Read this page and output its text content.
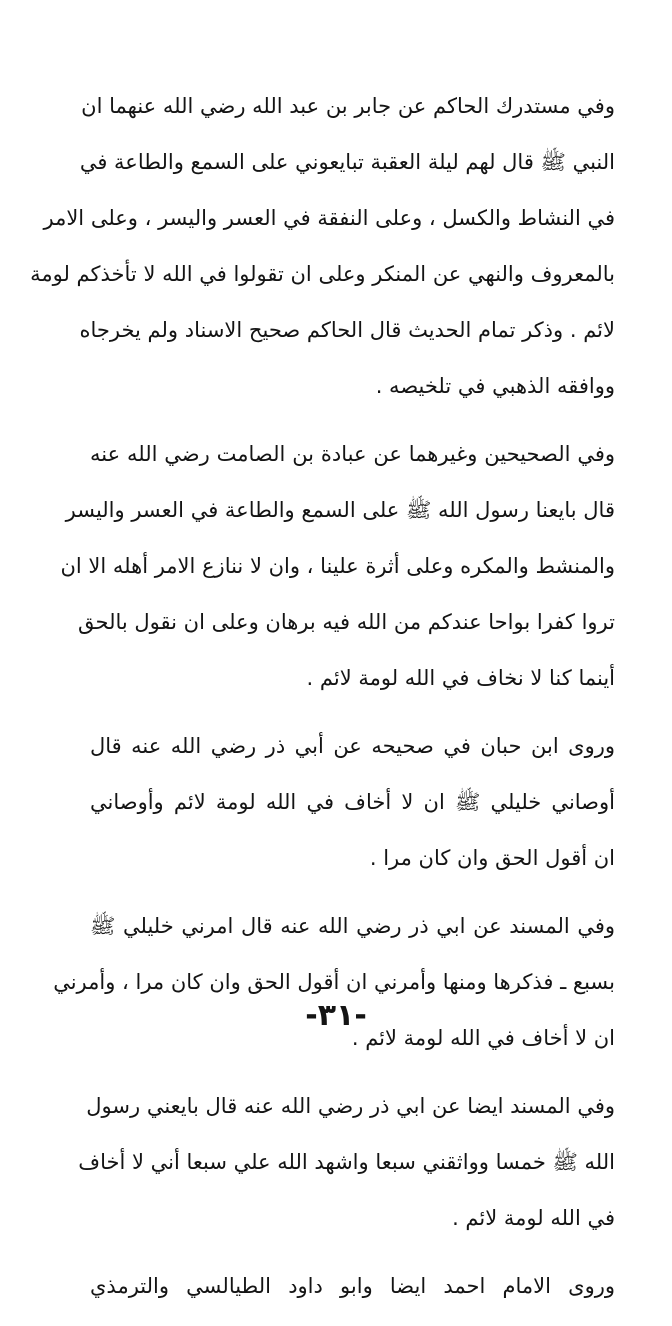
وفي مستدرك الحاكم عن جابر بن عبد الله رضي الله عنهما ان
النبي ﷺ قال لهم ليلة العقبة تبايعوني على السمع والطاعة في
في النشاط والكسل ، وعلى النفقة في العسر واليسر ، وعلى الامر
بالمعروف والنهي عن المنكر وعلى ان تقولوا في الله لا تأخذكم لومة
لائم . وذكر تمام الحديث قال الحاكم صحيح الاسناد ولم يخرجاه
ووافقه الذهبي في تلخيصه .
وفي الصحيحين وغيرهما عن عبادة بن الصامت رضي الله عنه
قال بايعنا رسول الله ﷺ على السمع والطاعة في العسر واليسر
والمنشط والمكره وعلى أثرة علينا ، وان لا ننازع الامر أهله الا ان
تروا كفرا بواحا عندكم من الله فيه برهان وعلى ان نقول بالحق
أينما كنا لا نخاف في الله لومة لائم .
وروى ابن حبان في صحيحه عن أبي ذر رضي الله عنه قال
أوصاني خليلي ﷺ ان لا أخاف في الله لومة لائم وأوصاني
ان أقول الحق وان كان مرا .
وفي المسند عن ابي ذر رضي الله عنه قال امرني خليلي ﷺ
بسبع ـ فذكرها ومنها وأمرني ان أقول الحق وان كان مرا ، وأمرني
ان لا أخاف في الله لومة لائم .
وفي المسند ايضا عن ابي ذر رضي الله عنه قال بايعني رسول
الله ﷺ خمسا وواثقني سبعا واشهد الله علي سبعا أني لا أخاف
في الله لومة لائم .
وروى الامام احمد ايضا وابو داود الطيالسي والترمذي
-٣١-
